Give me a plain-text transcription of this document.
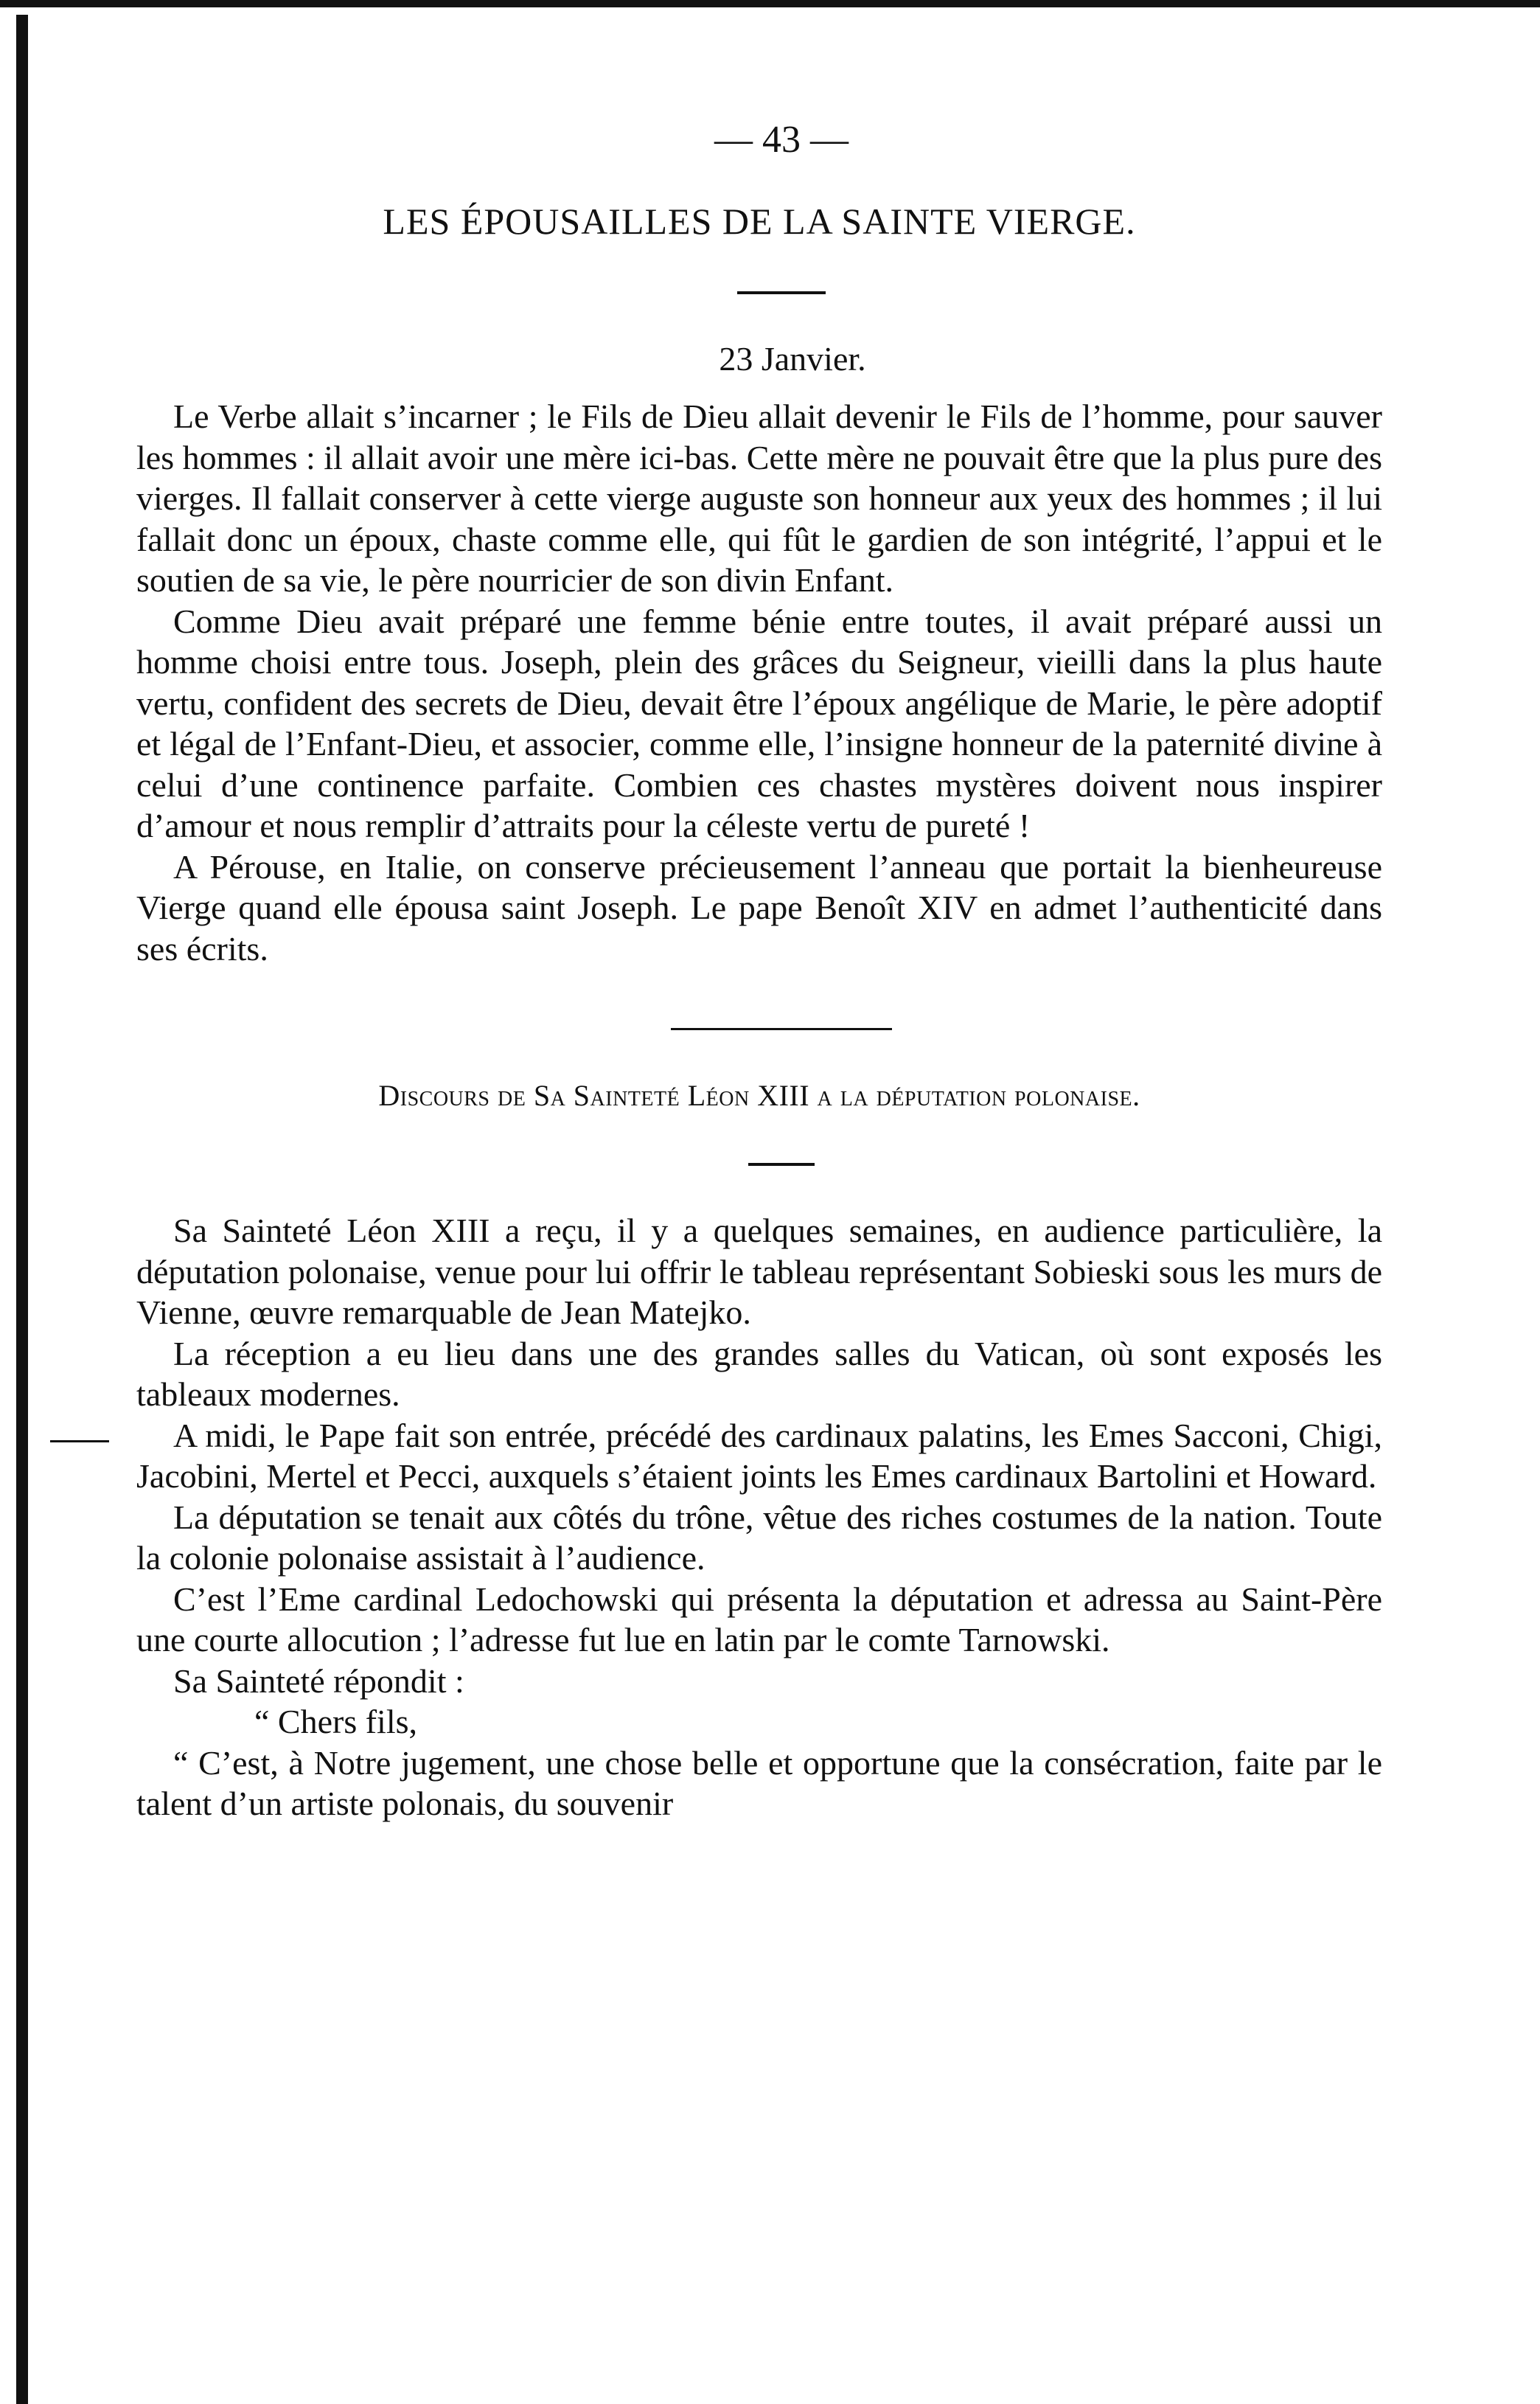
— 43 —
LES ÉPOUSAILLES DE LA SAINTE VIERGE.
23 Janvier.

Le Verbe allait s’incarner ; le Fils de Dieu allait devenir le Fils de l’homme, pour sauver les hommes : il allait avoir une mère ici-bas. Cette mère ne pouvait être que la plus pure des vierges. Il fallait conserver à cette vierge auguste son honneur aux yeux des hommes ; il lui fallait donc un époux, chaste comme elle, qui fût le gardien de son intégrité, l’appui et le soutien de sa vie, le père nourricier de son divin Enfant.

Comme Dieu avait préparé une femme bénie entre toutes, il avait préparé aussi un homme choisi entre tous. Joseph, plein des grâces du Seigneur, vieilli dans la plus haute vertu, confident des secrets de Dieu, devait être l’époux angélique de Marie, le père adoptif et légal de l’Enfant-Dieu, et associer, comme elle, l’insigne honneur de la paternité divine à celui d’une continence parfaite. Combien ces chastes mystères doivent nous inspirer d’amour et nous remplir d’attraits pour la céleste vertu de pureté !

A Pérouse, en Italie, on conserve précieusement l’anneau que portait la bienheureuse Vierge quand elle épousa saint Joseph. Le pape Benoît XIV en admet l’authenticité dans ses écrits.

Discours de Sa Sainteté Léon XIII a la députation polonaise.

Sa Sainteté Léon XIII a reçu, il y a quelques semaines, en audience particulière, la députation polonaise, venue pour lui offrir le tableau représentant Sobieski sous les murs de Vienne, œuvre remarquable de Jean Matejko.

La réception a eu lieu dans une des grandes salles du Vatican, où sont exposés les tableaux modernes.

A midi, le Pape fait son entrée, précédé des cardinaux palatins, les Emes Sacconi, Chigi, Jacobini, Mertel et Pecci, auxquels s’étaient joints les Emes cardinaux Bartolini et Howard.

La députation se tenait aux côtés du trône, vêtue des riches costumes de la nation. Toute la colonie polonaise assistait à l’audience.

C’est l’Eme cardinal Ledochowski qui présenta la députation et adressa au Saint-Père une courte allocution ; l’adresse fut lue en latin par le comte Tarnowski.

Sa Sainteté répondit :

“ Chers fils,

“ C’est, à Notre jugement, une chose belle et opportune que la consécration, faite par le talent d’un artiste polonais, du souvenir
